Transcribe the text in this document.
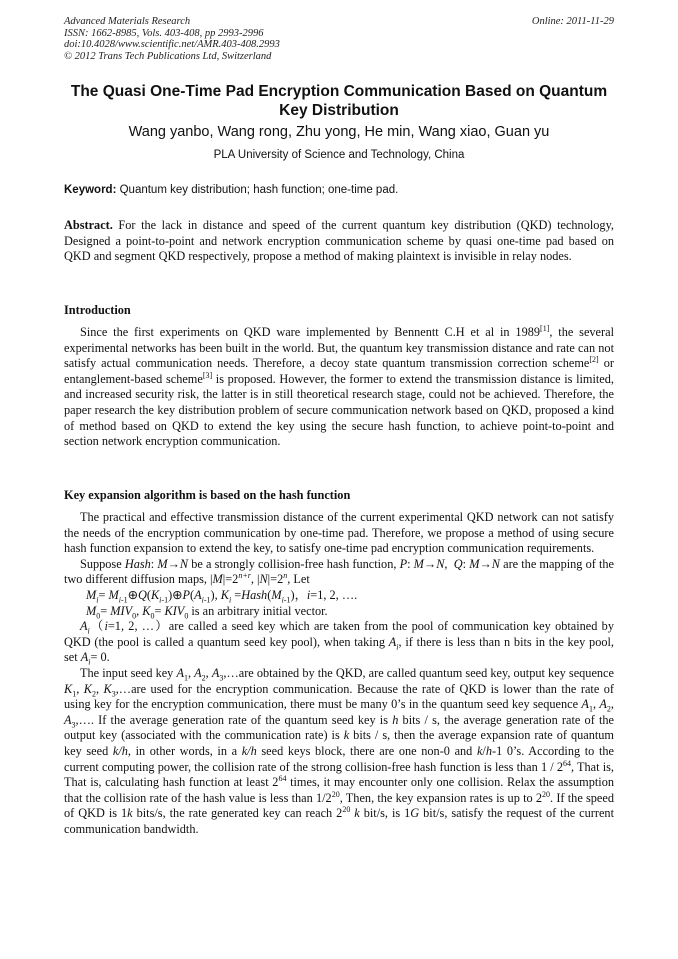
Advanced Materials Research
ISSN: 1662-8985, Vols. 403-408, pp 2993-2996
doi:10.4028/www.scientific.net/AMR.403-408.2993
© 2012 Trans Tech Publications Ltd, Switzerland
Online: 2011-11-29
The Quasi One-Time Pad Encryption Communication Based on Quantum
Key Distribution
Wang yanbo, Wang rong, Zhu yong, He min, Wang xiao, Guan yu
PLA University of Science and Technology, China
Keyword: Quantum key distribution; hash function; one-time pad.

Abstract. For the lack in distance and speed of the current quantum key distribution (QKD) technology, Designed a point-to-point and network encryption communication scheme by quasi one-time pad based on QKD and segment QKD respectively, propose a method of making plaintext is invisible in relay nodes.

Introduction

Since the first experiments on QKD ware implemented by Bennentt C.H et al in 1989[1], the several experimental networks has been built in the world. But, the quantum key transmission distance and rate can not satisfy actual communication needs. Therefore, a decoy state quantum transmission correction scheme[2] or entanglement-based scheme[3] is proposed. However, the former to extend the transmission distance is limited, and increased security risk, the latter is in still theoretical research stage, could not be achieved. Therefore, the paper research the key distribution problem of secure communication network based on QKD, proposed a kind of method based on QKD to extend the key using the secure hash function, to achieve point-to-point and section network encryption communication.

Key expansion algorithm is based on the hash function

The practical and effective transmission distance of the current experimental QKD network can not satisfy the needs of the encryption communication by one-time pad. Therefore, we propose a method of using secure hash function expansion to extend the key, to satisfy one-time pad encryption communication requirements.

Suppose Hash: M→N be a strongly collision-free hash function, P: M→N,  Q: M→N are the mapping of the two different diffusion maps, $|M|=2^{n+r}$, $|N|=2^n$, Let

$M_i=$ $M_{i-1}\oplus Q(K_{i-1})\oplus P(A_{i-1})$, $K_i$ $=Hash(M_{i-1})$，i=1, 2, ….

$M_0= MIV_0$, $K_0= KIV_0$ is an arbitrary initial vector.

$A_i(i=1$, 2, …）are called a seed key which are taken from the pool of communication key obtained by QKD (the pool is called a quantum seed key pool), when taking $A_i$, if there is less than n bits in the key pool, set $A_i= 0$.

The input seed key $A_1$, $A_2$, $A_3,\dots are$ obtained by the QKD, are called quantum seed key, output key sequence $K_1$, $K_2$, $K_3,\dots are$ used for the encryption communication. Because the rate of QKD is lower than the rate of using key for the encryption communication, there must be many 0’s in the quantum seed key sequence $A_1$, $A_2$, $A_3,\dots$. If the average generation rate of the quantum seed key is h bits / s, the average generation rate of the output key (associated with the communication rate) is k bits / s, then the average expansion rate of quantum key seed k/h, in other words, in a k/h seed keys block, there are one non-0 and k/h-1 0’s. According to the current computing power, the collision rate of the strong collision-free hash function is less than $1 / 2^{64}$, That is, That is, calculating hash function at least $2^{64}$ times, it may encounter only one collision. Relax the assumption that the collision rate of the hash value is less than $1/2^{20}$, Then, the key expansion rates is up to $2^{20}$. If the speed of QKD is 1k bits/s, the rate generated key can reach $2^{20}$ k bit/s, is 1G bit/s, satisfy the request of the current communication bandwidth.
